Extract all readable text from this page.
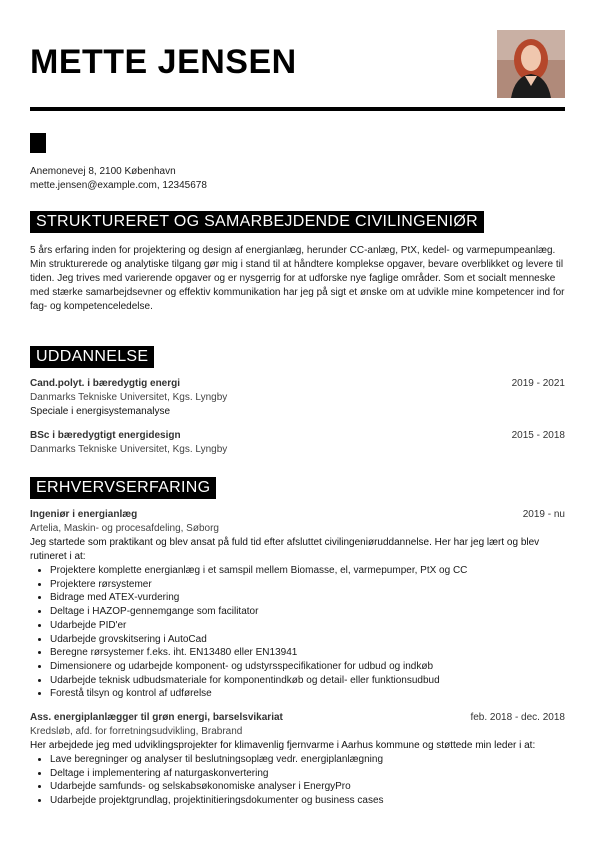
METTE JENSEN
Anemonevej 8, 2100 København
mette.jensen@example.com, 12345678
STRUKTURERET OG SAMARBEJDENDE CIVILINGENIØR

5 års erfaring inden for projektering og design af energianlæg, herunder CC-anlæg, PtX, kedel- og varmepumpeanlæg. Min strukturerede og analytiske tilgang gør mig i stand til at håndtere komplekse opgaver, bevare overblikket og levere til tiden. Jeg trives med varierende opgaver og er nysgerrig for at udforske nye faglige områder. Som et socialt menneske med stærke samarbejdsevner og effektiv kommunikation har jeg på sigt et ønske om at udvikle mine kompetencer ind for fag- og kompetenceledelse.

UDDANNELSE
Cand.polyt. i bæredygtig energi	2019 - 2021
Danmarks Tekniske Universitet, Kgs. Lyngby
Speciale i energisystemanalyse
BSc i bæredygtigt energidesign	2015 - 2018
Danmarks Tekniske Universitet, Kgs. Lyngby
ERHVERVSERFARING
Ingeniør i energianlæg	2019 - nu
Artelia, Maskin- og procesafdeling, Søborg
Jeg startede som praktikant og blev ansat på fuld tid efter afsluttet civilingeniøruddannelse. Her har jeg lært og blev rutineret i at:
• Projektere komplette energianlæg i et samspil mellem Biomasse, el, varmepumper, PtX og CC
• Projektere rørsystemer
• Bidrage med ATEX-vurdering
• Deltage i HAZOP-gennemgange som facilitator
• Udarbejde PID'er
• Udarbejde grovskitsering i AutoCad
• Beregne rørsystemer f.eks. iht. EN13480 eller EN13941
• Dimensionere og udarbejde komponent- og udstyrsspecifikationer for udbud og indkøb
• Udarbejde teknisk udbudsmateriale for komponentindkøb og detail- eller funktionsudbud
• Forestå tilsyn og kontrol af udførelse
Ass. energiplanlægger til grøn energi, barselsvikariat	feb. 2018 - dec. 2018
Kredsløb, afd. for forretningsudvikling, Brabrand
Her arbejdede jeg med udviklingsprojekter for klimavenlig fjernvarme i Aarhus kommune og støttede min leder i at:
• Lave beregninger og analyser til beslutningsoplæg vedr. energiplanlægning
• Deltage i implementering af naturgaskonvertering
• Udarbejde samfunds- og selskabsøkonomiske analyser i EnergyPro
• Udarbejde projektgrundlag, projektinitieringsdokumenter og business cases
